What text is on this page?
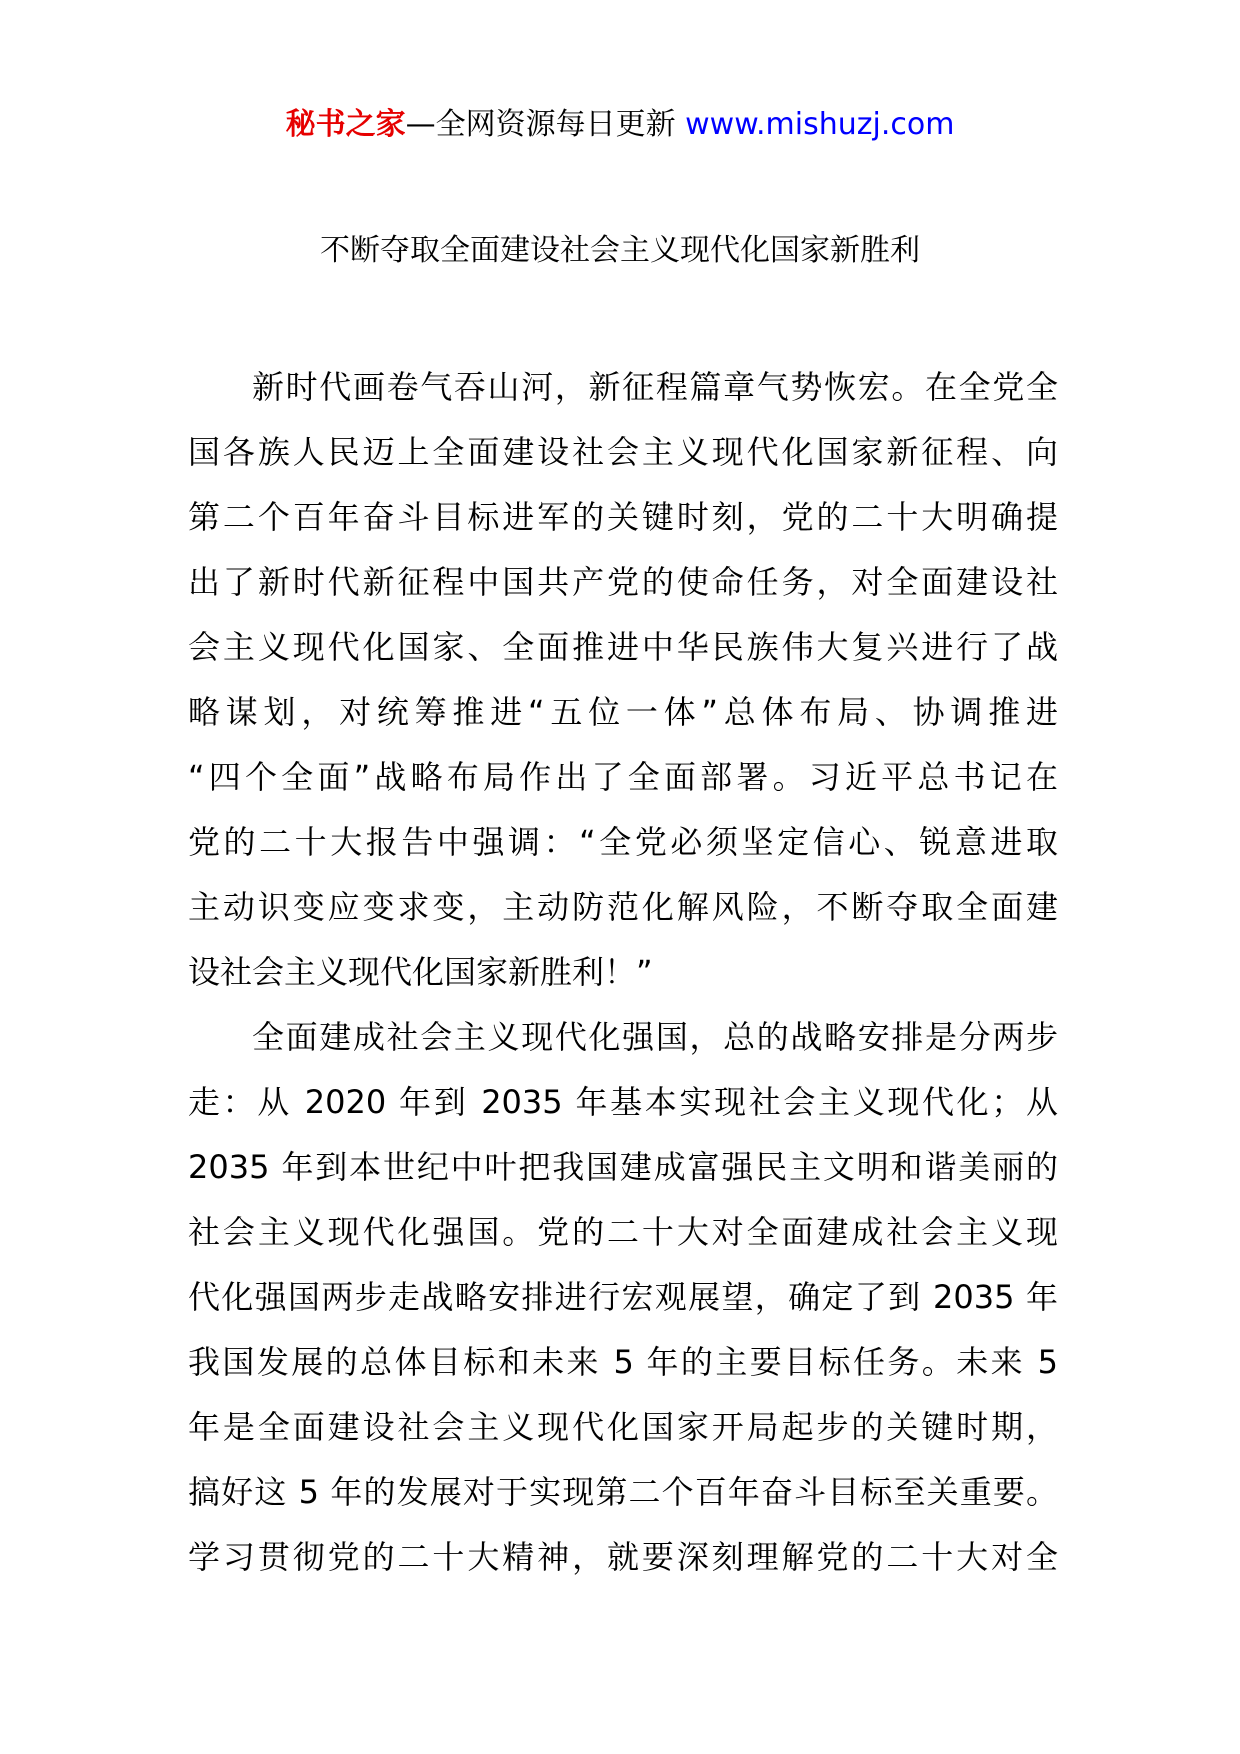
秘书之家—全网资源每日更新 www.mishuzj.com
不断夺取全面建设社会主义现代化国家新胜利
新时代画卷气吞山河，新征程篇章气势恢宏。在全党全
国各族人民迈上全面建设社会主义现代化国家新征程、向
第二个百年奋斗目标进军的关键时刻，党的二十大明确提
出了新时代新征程中国共产党的使命任务，对全面建设社
会主义现代化国家、全面推进中华民族伟大复兴进行了战
略谋划，对统筹推进“五位一体”总体布局、协调推进
“四个全面”战略布局作出了全面部署。习近平总书记在
党的二十大报告中强调：“全党必须坚定信心、锐意进取
主动识变应变求变，主动防范化解风险，不断夺取全面建
设社会主义现代化国家新胜利！”
全面建成社会主义现代化强国，总的战略安排是分两步
走：从 2020 年到 2035 年基本实现社会主义现代化；从
2035 年到本世纪中叶把我国建成富强民主文明和谐美丽的
社会主义现代化强国。党的二十大对全面建成社会主义现
代化强国两步走战略安排进行宏观展望，确定了到 2035 年
我国发展的总体目标和未来 5 年的主要目标任务。未来 5
年是全面建设社会主义现代化国家开局起步的关键时期，
搞好这 5 年的发展对于实现第二个百年奋斗目标至关重要。
学习贯彻党的二十大精神，就要深刻理解党的二十大对全
